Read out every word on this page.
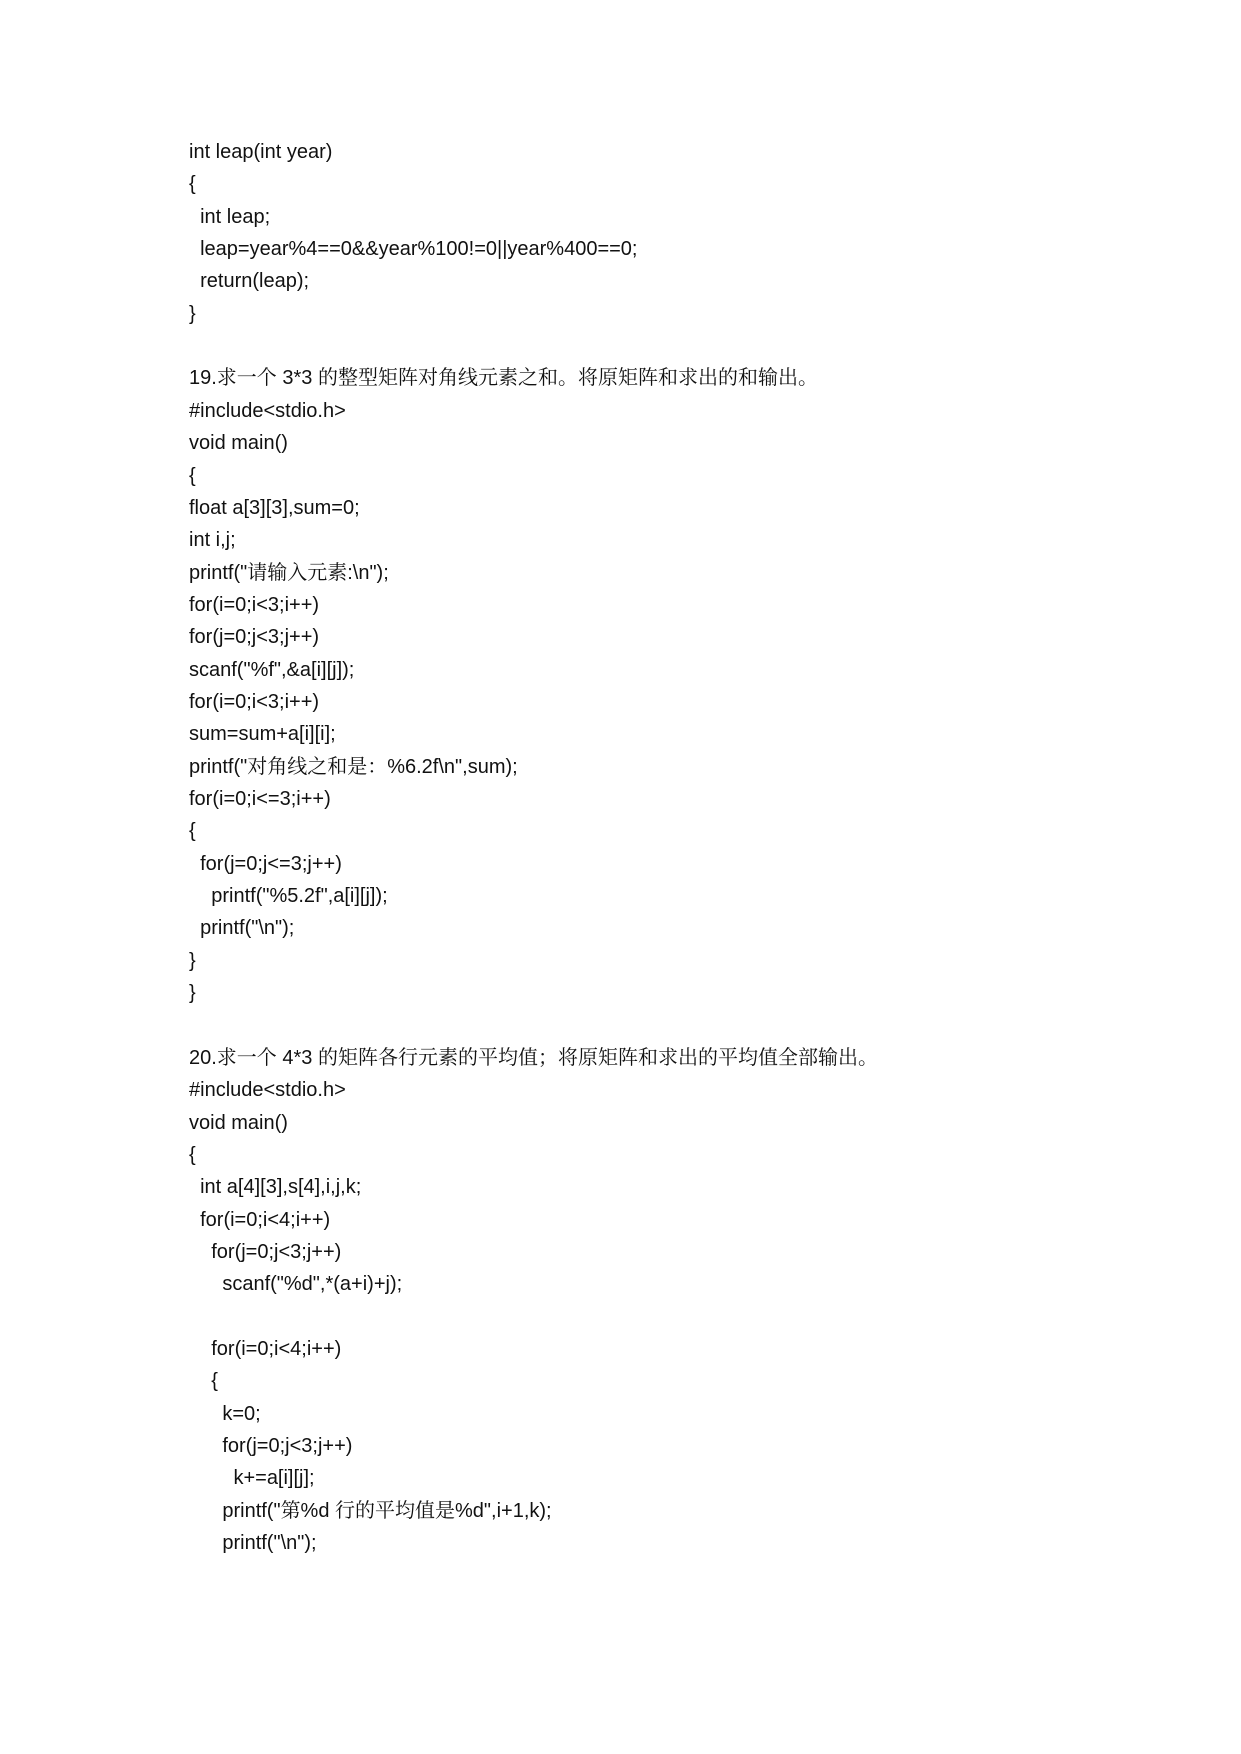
int leap(int year)
{
int leap;
leap=year%4==0&&year%100!=0||year%400==0;
return(leap);
}
19.求一个 3*3 的整型矩阵对角线元素之和。将原矩阵和求出的和输出。
#include<stdio.h>
void main()
{
float a[3][3],sum=0;
int i,j;
printf("请输入元素:\n");
for(i=0;i<3;i++)
for(j=0;j<3;j++)
scanf("%f",&a[i][j]);
for(i=0;i<3;i++)
sum=sum+a[i][i];
printf("对角线之和是：%6.2f\n",sum);
for(i=0;i<=3;i++)
{
for(j=0;j<=3;j++)
printf("%5.2f",a[i][j]);
printf("\n");
}
}
20.求一个 4*3 的矩阵各行元素的平均值；将原矩阵和求出的平均值全部输出。
#include<stdio.h>
void main()
{
int a[4][3],s[4],i,j,k;
for(i=0;i<4;i++)
for(j=0;j<3;j++)
scanf("%d",*(a+i)+j);
for(i=0;i<4;i++)
{
k=0;
for(j=0;j<3;j++)
k+=a[i][j];
printf("第%d 行的平均值是%d",i+1,k);
printf("\n");
